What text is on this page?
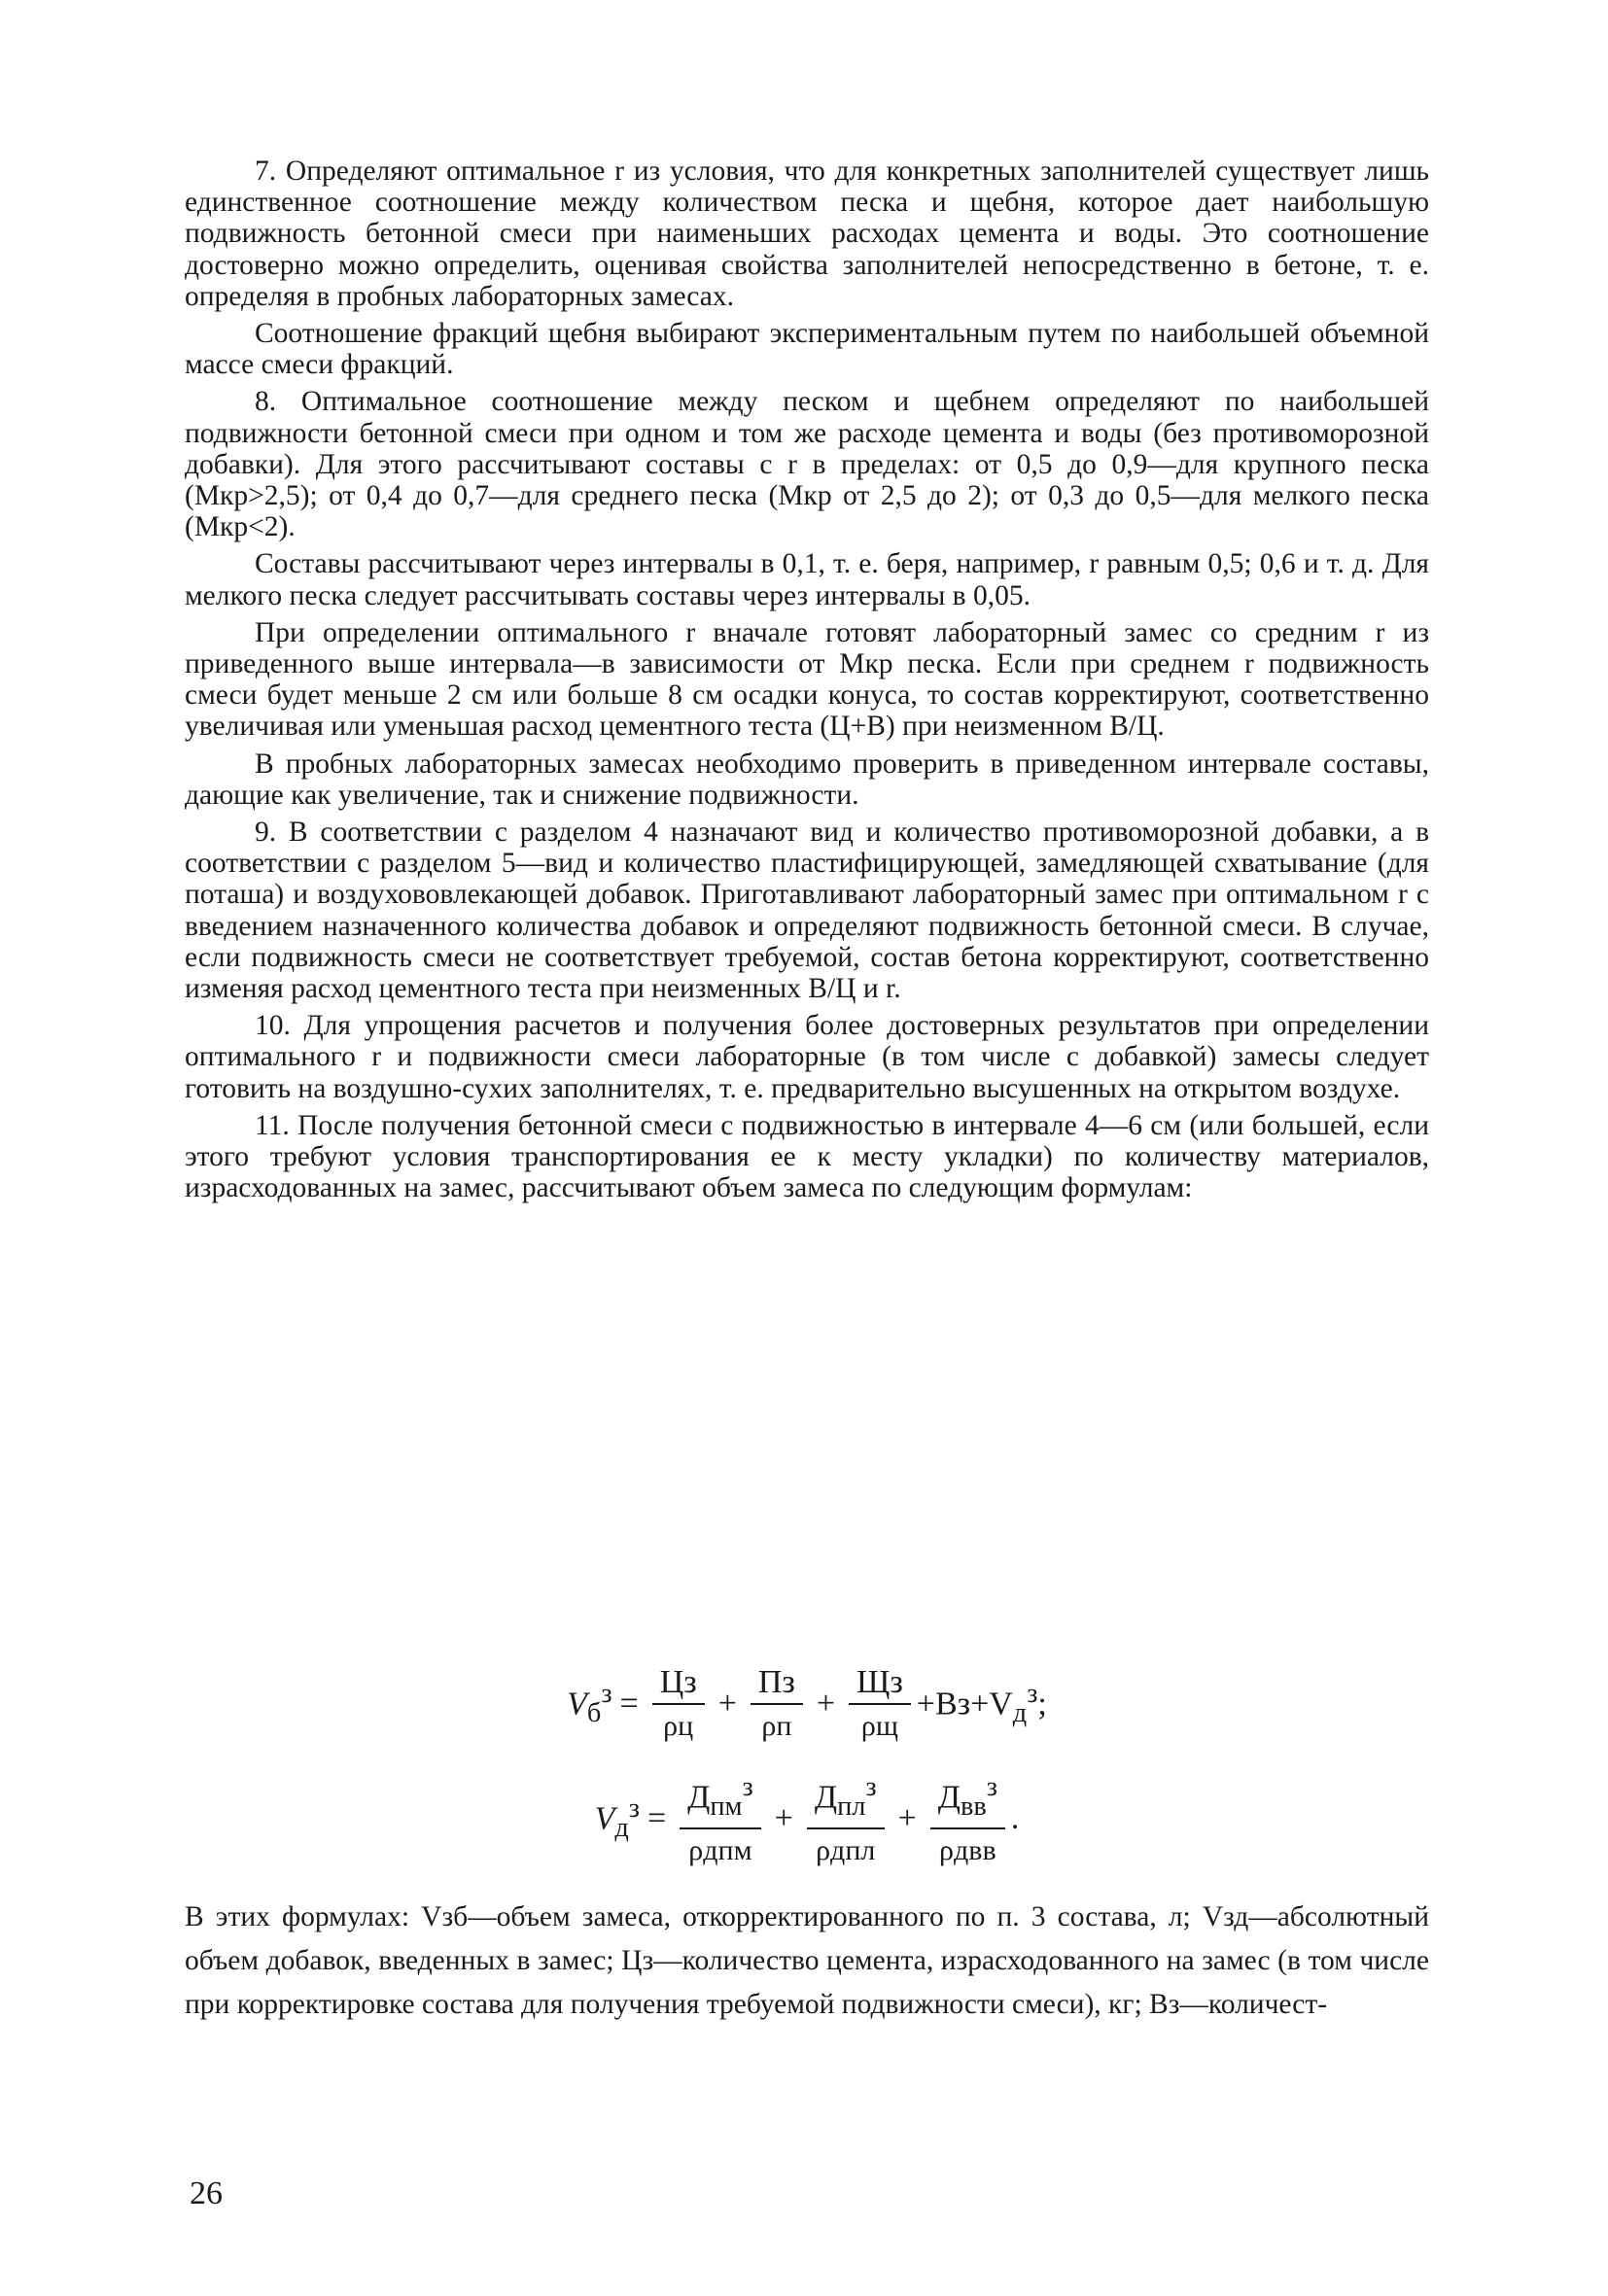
7. Определяют оптимальное r из условия, что для конкретных заполнителей существует лишь единственное соотношение между количеством песка и щебня, которое дает наибольшую подвижность бетонной смеси при наименьших расходах цемента и воды. Это соотношение достоверно можно определить, оценивая свойства заполнителей непосредственно в бетоне, т. е. определяя в пробных лабораторных замесах.

Соотношение фракций щебня выбирают экспериментальным путем по наибольшей объемной массе смеси фракций.

8. Оптимальное соотношение между песком и щебнем определяют по наибольшей подвижности бетонной смеси при одном и том же расходе цемента и воды (без противоморозной добавки). Для этого рассчитывают составы с r в пределах: от 0,5 до 0,9—для крупного песка (Мкр>2,5); от 0,4 до 0,7—для среднего песка (Мкр от 2,5 до 2); от 0,3 до 0,5—для мелкого песка (Мкр<2).

Составы рассчитывают через интервалы в 0,1, т. е. беря, например, r равным 0,5; 0,6 и т. д. Для мелкого песка следует рассчитывать составы через интервалы в 0,05.

При определении оптимального r вначале готовят лабораторный замес со средним r из приведенного выше интервала—в зависимости от Мкр песка. Если при среднем r подвижность смеси будет меньше 2 см или больше 8 см осадки конуса, то состав корректируют, соответственно увеличивая или уменьшая расход цементного теста (Ц+В) при неизменном В/Ц.

В пробных лабораторных замесах необходимо проверить в приведенном интервале составы, дающие как увеличение, так и снижение подвижности.

9. В соответствии с разделом 4 назначают вид и количество противоморозной добавки, а в соответствии с разделом 5—вид и количество пластифицирующей, замедляющей схватывание (для поташа) и воздухововлекающей добавок. Приготавливают лабораторный замес при оптимальном r с введением назначенного количества добавок и определяют подвижность бетонной смеси. В случае, если подвижность смеси не соответствует требуемой, состав бетона корректируют, соответственно изменяя расход цементного теста при неизменных В/Ц и r.

10. Для упрощения расчетов и получения более достоверных результатов при определении оптимального r и подвижности смеси лабораторные (в том числе с добавкой) замесы следует готовить на воздушно-сухих заполнителях, т. е. предварительно высушенных на открытом воздухе.

11. После получения бетонной смеси с подвижностью в интервале 4—6 см (или большей, если этого требуют условия транспортирования ее к месту укладки) по количеству материалов, израсходованных на замес, рассчитывают объем замеса по следующим формулам:

$V_б^з = \frac{Цз}{\rho ц} + \frac{Пз}{\rho п} + \frac{Щз}{\rho щ} +Вз+V_д^з$;
$V_д^з = \frac{Д_{пм}^з}{\text{ρдпм}} + \frac{Д_{пл}^з}{\text{ρдпл}} + \frac{Д_{вв}^з}{\text{ρдвв}}$ .

В этих формулах: Vзб—объем замеса, откорректированного по п. 3 состава, л; Vзд—абсолютный объем добавок, введенных в замес; Цз—количество цемента, израсходованного на замес (в том числе при корректировке состава для получения требуемой подвижности смеси), кг; Вз—количест-

26
